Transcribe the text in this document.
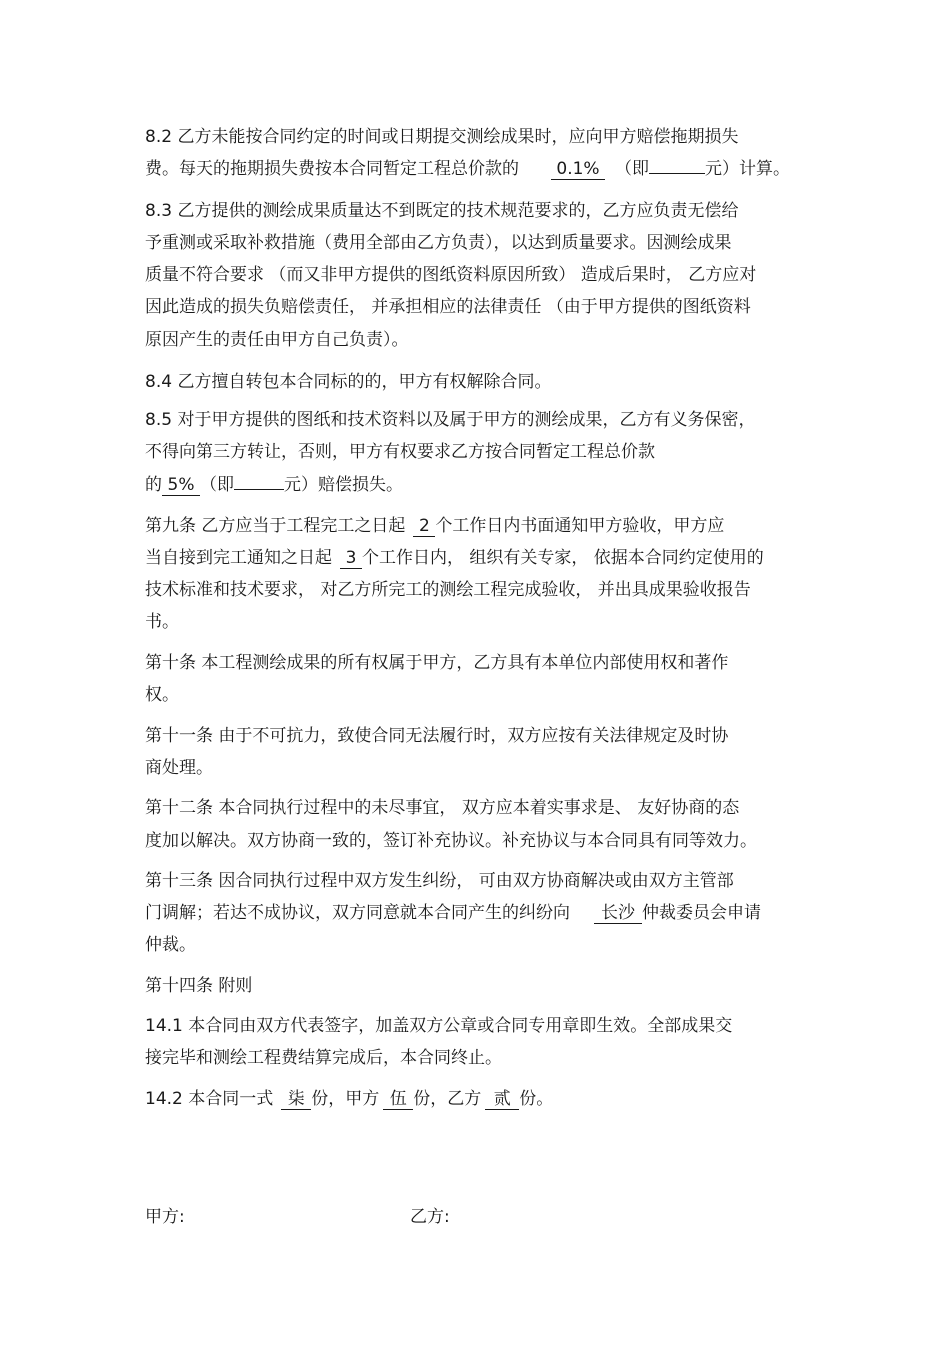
8.2 乙方未能按合同约定的时间或日期提交测绘成果时，应向甲方赔偿拖期损失
费。每天的拖期损失费按本合同暂定工程总价款的 0.1% （即	元）计算。
8.3 乙方提供的测绘成果质量达不到既定的技术规范要求的，乙方应负责无偿给
予重测或采取补救措施（费用全部由乙方负责），以达到质量要求。因测绘成果
质量不符合要求 （而又非甲方提供的图纸资料原因所致） 造成后果时， 乙方应对
因此造成的损失负赔偿责任， 并承担相应的法律责任 （由于甲方提供的图纸资料
原因产生的责任由甲方自己负责）。
8.4 乙方擅自转包本合同标的的，甲方有权解除合同。
8.5 对于甲方提供的图纸和技术资料以及属于甲方的测绘成果，乙方有义务保密，
不得向第三方转让，否则，甲方有权要求乙方按合同暂定工程总价款
的 5% （即	元）赔偿损失。
第九条 乙方应当于工程完工之日起 2 个工作日内书面通知甲方验收，甲方应
当自接到完工通知之日起 3 个工作日内， 组织有关专家， 依据本合同约定使用的
技术标准和技术要求， 对乙方所完工的测绘工程完成验收， 并出具成果验收报告
书。
第十条 本工程测绘成果的所有权属于甲方，乙方具有本单位内部使用权和著作
权。
第十一条 由于不可抗力，致使合同无法履行时，双方应按有关法律规定及时协
商处理。
第十二条 本合同执行过程中的未尽事宜， 双方应本着实事求是、 友好协商的态
度加以解决。双方协商一致的，签订补充协议。补充协议与本合同具有同等效力。
第十三条 因合同执行过程中双方发生纠纷， 可由双方协商解决或由双方主管部
门调解；若达不成协议，双方同意就本合同产生的纠纷向 长沙 仲裁委员会申请
仲裁。
第十四条 附则
14.1 本合同由双方代表签字，加盖双方公章或合同专用章即生效。全部成果交
接完毕和测绘工程费结算完成后，本合同终止。
14.2 本合同一式 柒 份，甲方 伍 份，乙方 贰 份。
甲方:	乙方:
